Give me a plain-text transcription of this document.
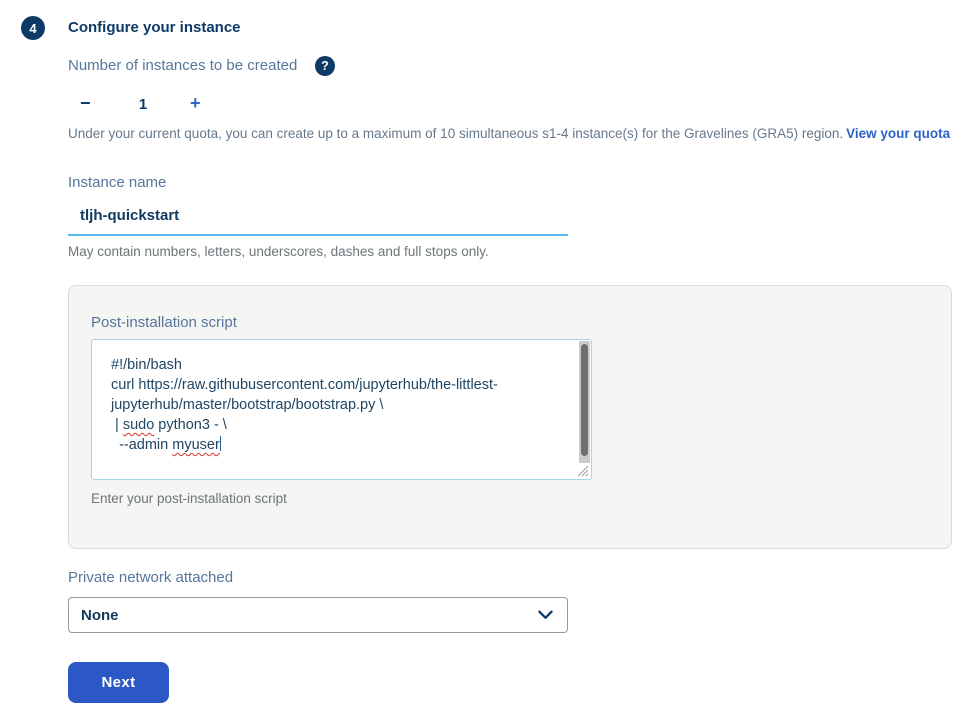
4	Configure your instance
Number of instances to be created	?
−	1	+
Under your current quota, you can create up to a maximum of 10 simultaneous s1-4 instance(s) for the Gravelines (GRA5) region. View your quota
Instance name
tljh-quickstart
May contain numbers, letters, underscores, dashes and full stops only.
Post-installation script
#!/bin/bash
curl https://raw.githubusercontent.com/jupyterhub/the-littlest-jupyterhub/master/bootstrap/bootstrap.py \
| sudo python3 - \
--admin myuser

Enter your post-installation script
Private network attached
None
Next
